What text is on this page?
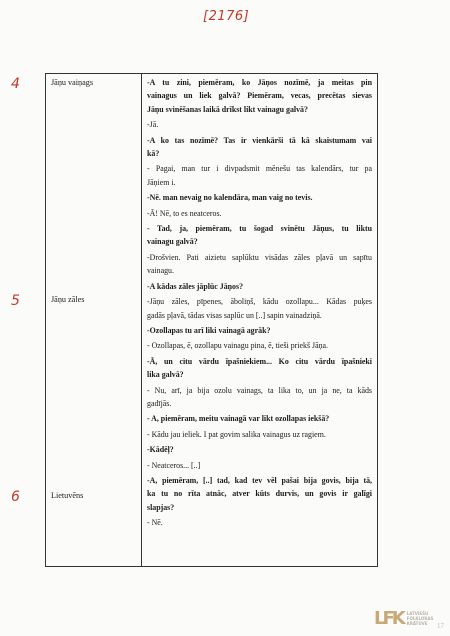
[2176]
4	Jāņu vaiņags
5	Jāņu zāles
6	Lietuvēns
-A tu zini, piemēram, ko Jāņos nozīmē, ja meitas pin
vainagus un liek galvā? Piemēram, vecas, precētas sievas
Jāņu svinēšanas laikā drīkst likt vainagu galvā?
-Jā.
-A ko tas nozīmē? Tas ir vienkārši tā kā skaistumam vai
kā?
- Pagai, man tur i divpadsmit mēnešu tas kalendārs, tur pa
Jāņiem i.
-Nē. man nevaig no kalendāra, man vaig no tevis.
-Ā! Nē, to es neatceros.
- Tad, ja, piemēram, tu šogad svinētu Jāņus, tu liktu
vainagu galvā?
-Drošvien. Pati aizietu saplūktu visādas zāles pļavā un sapītu
vainagu.
-A kādas zāles jāplūc Jāņos?
-Jāņu zāles, pīpenes, āboliņš, kādu ozollapu... Kādas puķes
gadās pļavā, tādas visas saplūc un [..] sapin vainadziņā.
-Ozollapas tu arī liki vainagā agrāk?
- Ozollapas, ē, ozollapu vainagu pina, ē, tieši priekš Jāņa.
-Ā, un citu vārdu īpašniekiem... Ko citu vārdu īpašnieki
lika galvā?
- Nu, arī, ja bija ozolu vainags, ta lika to, un ja ne, ta kāds
gadījās.
- A, piemēram, meitu vainagā var likt ozollapas iekšā?
- Kādu jau ieliek. I pat govim salika vainagus uz ragiem.
-Kādēļ?
- Neatceros... [..]
-A, piemēram, [..] tad, kad tev vēl pašai bija govis, bija tā,
ka tu no rīta atnāc, atver kūts durvis, un govis ir galīgi
slapjas?
- Nē.
LFK LATVIEŠU
FOLKLORAS
KRĀTUVE	17
